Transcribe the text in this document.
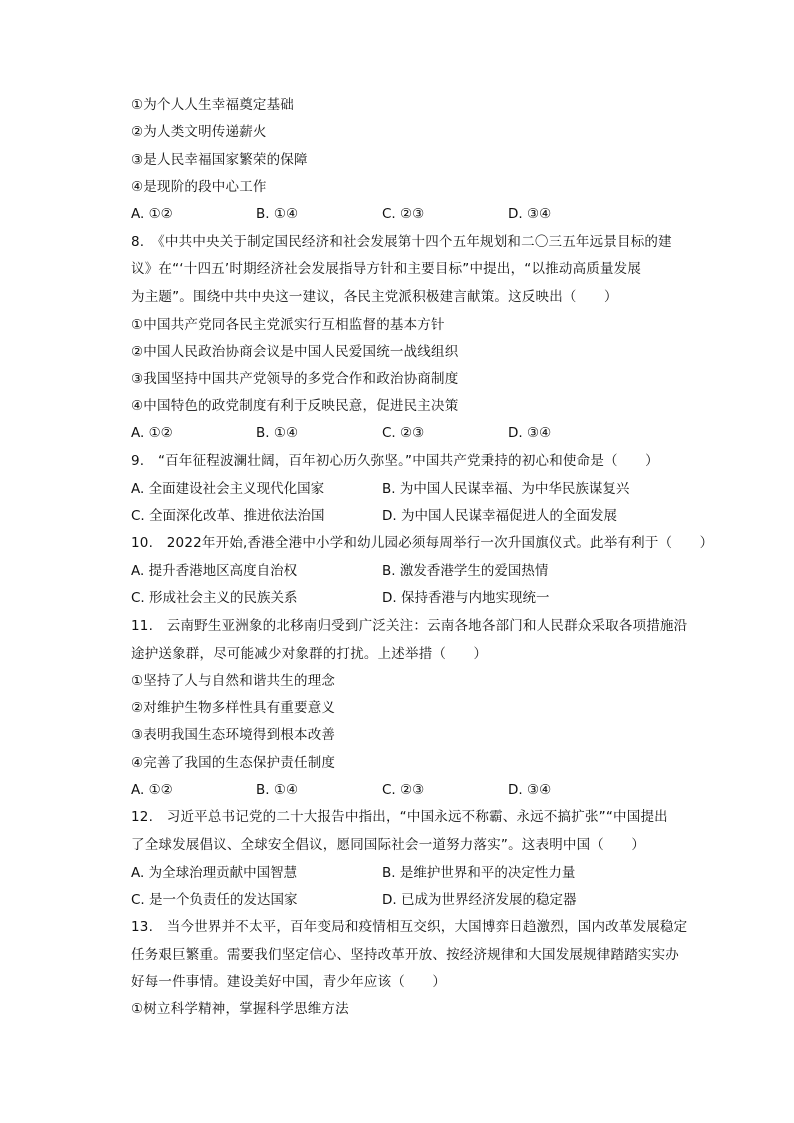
①为个人人生幸福奠定基础
②为人类文明传递薪火
③是人民幸福国家繁荣的保障
④是现阶的段中心工作
A. ①②	B. ①④	C. ②③	D. ③④
8.　《中共中央关于制定国民经济和社会发展第十四个五年规划和二〇三五年远景目标的建
议》在“‘十四五’时期经济社会发展指导方针和主要目标”中提出，“以推动高质量发展
为主题”。围绕中共中央这一建议，各民主党派积极建言献策。这反映出（　　）
①中国共产党同各民主党派实行互相监督的基本方针
②中国人民政治协商会议是中国人民爱国统一战线组织
③我国坚持中国共产党领导的多党合作和政治协商制度
④中国特色的政党制度有利于反映民意，促进民主决策
A. ①②	B. ①④	C. ②③	D. ③④
9.　“百年征程波澜壮阔，百年初心历久弥坚。”中国共产党秉持的初心和使命是（　　）
A. 全面建设社会主义现代化国家	B. 为中国人民谋幸福、为中华民族谋复兴
C. 全面深化改革、推进依法治国	D. 为中国人民谋幸福促进人的全面发展
10.　2022年开始,香港全港中小学和幼儿园必须每周举行一次升国旗仪式。此举有利于（　　）
A. 提升香港地区高度自治权	B. 激发香港学生的爱国热情
C. 形成社会主义的民族关系	D. 保持香港与内地实现统一
11.　云南野生亚洲象的北移南归受到广泛关注：云南各地各部门和人民群众采取各项措施沿
途护送象群，尽可能减少对象群的打扰。上述举措（　　）
①坚持了人与自然和谐共生的理念
②对维护生物多样性具有重要意义
③表明我国生态环境得到根本改善
④完善了我国的生态保护责任制度
A. ①②	B. ①④	C. ②③	D. ③④
12.　习近平总书记党的二十大报告中指出，“中国永远不称霸、永远不搞扩张”“中国提出
了全球发展倡议、全球安全倡议，愿同国际社会一道努力落实”。这表明中国（　　）
A. 为全球治理贡献中国智慧	B. 是维护世界和平的决定性力量
C. 是一个负责任的发达国家	D. 已成为世界经济发展的稳定器
13.　当今世界并不太平，百年变局和疫情相互交织，大国博弈日趋激烈，国内改革发展稳定
任务艰巨繁重。需要我们坚定信心、坚持改革开放、按经济规律和大国发展规律踏踏实实办
好每一件事情。建设美好中国，青少年应该（　　）
①树立科学精神，掌握科学思维方法
